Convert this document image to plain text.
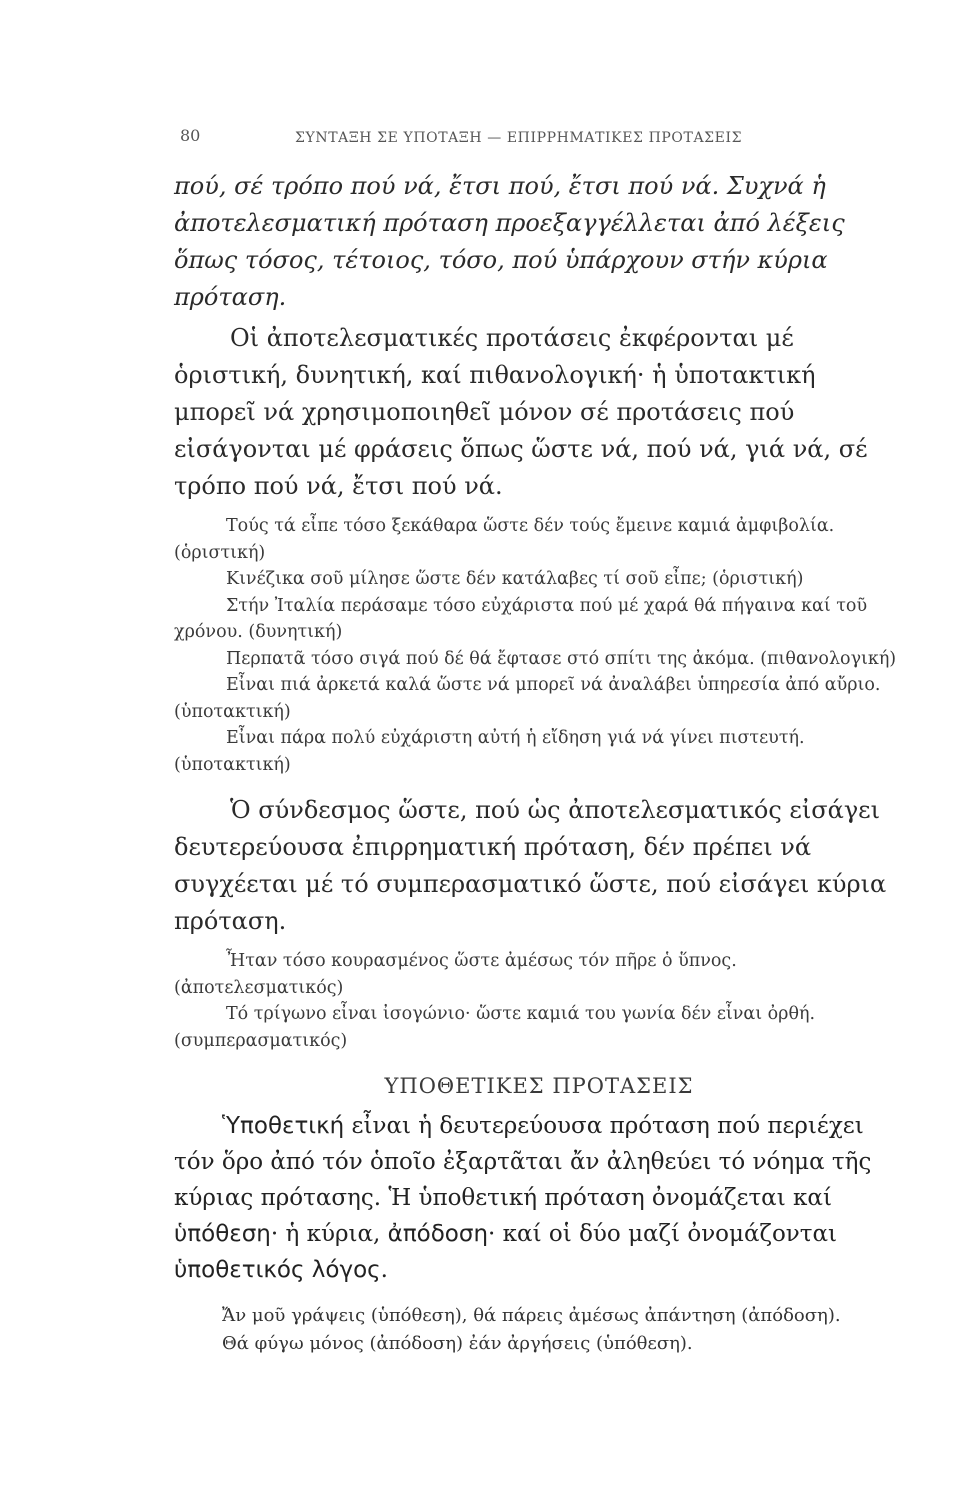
80	ΣΥΝΤΑΞΗ ΣΕ ΥΠΟΤΑΞΗ — ΕΠΙΡΡΗΜΑΤΙΚΕΣ ΠΡΟΤΑΣΕΙΣ

πού, σέ τρόπο πού νά, ἔτσι πού, ἔτσι πού νά. Συχνά ἡ ἀποτελεσματική πρόταση προεξαγγέλλεται ἀπό λέξεις ὅπως τόσος, τέτοιος, τόσο, πού ὑπάρχουν στήν κύρια πρόταση.

Οἱ ἀποτελεσματικές προτάσεις ἐκφέρονται μέ ὁριστική, δυνητική, καί πιθανολογική· ἡ ὑποτακτική μπορεῖ νά χρησιμοποιηθεῖ μόνον σέ προτάσεις πού εἰσάγονται μέ φράσεις ὅπως ὥστε νά, πού νά, γιά νά, σέ τρόπο πού νά, ἔτσι πού νά.

Τούς τά εἶπε τόσο ξεκάθαρα ὥστε δέν τούς ἔμεινε καμιά ἀμφιβολία. (ὁριστική)

Κινέζικα σοῦ μίλησε ὥστε δέν κατάλαβες τί σοῦ εἶπε; (ὁριστική)

Στήν Ἰταλία περάσαμε τόσο εὐχάριστα πού μέ χαρά θά πήγαινα καί τοῦ χρόνου. (δυνητική)

Περπατᾶ τόσο σιγά πού δέ θά ἔφτασε στό σπίτι της ἀκόμα. (πιθανολογική)

Εἶναι πιά ἀρκετά καλά ὥστε νά μπορεῖ νά ἀναλάβει ὑπηρεσία ἀπό αὔριο. (ὑποτακτική)

Εἶναι πάρα πολύ εὐχάριστη αὐτή ἡ εἴδηση γιά νά γίνει πιστευτή. (ὑποτακτική)

Ὁ σύνδεσμος ὥστε, πού ὡς ἀποτελεσματικός εἰσάγει δευτερεύουσα ἐπιρρηματική πρόταση, δέν πρέπει νά συγχέεται μέ τό συμπερασματικό ὥστε, πού εἰσάγει κύρια πρόταση.

Ἦταν τόσο κουρασμένος ὥστε ἀμέσως τόν πῆρε ὁ ὕπνος. (ἀποτελεσματικός)

Τό τρίγωνο εἶναι ἰσογώνιο· ὥστε καμιά του γωνία δέν εἶναι ὀρθή. (συμπερασματικός)

ΥΠΟΘΕΤΙΚΕΣ ΠΡΟΤΑΣΕΙΣ

Ὑποθετική εἶναι ἡ δευτερεύουσα πρόταση πού περιέχει τόν ὅρο ἀπό τόν ὁποῖο ἐξαρτᾶται ἄν ἀληθεύει τό νόημα τῆς κύριας πρότασης. Ἡ ὑποθετική πρόταση ὀνομάζεται καί ὑπόθεση· ἡ κύρια, ἀπόδοση· καί οἱ δύο μαζί ὀνομάζονται ὑποθετικός λόγος.

Ἄν μοῦ γράψεις (ὑπόθεση), θά πάρεις ἀμέσως ἀπάντηση (ἀπόδοση).

Θά φύγω μόνος (ἀπόδοση) ἐάν ἀργήσεις (ὑπόθεση).
